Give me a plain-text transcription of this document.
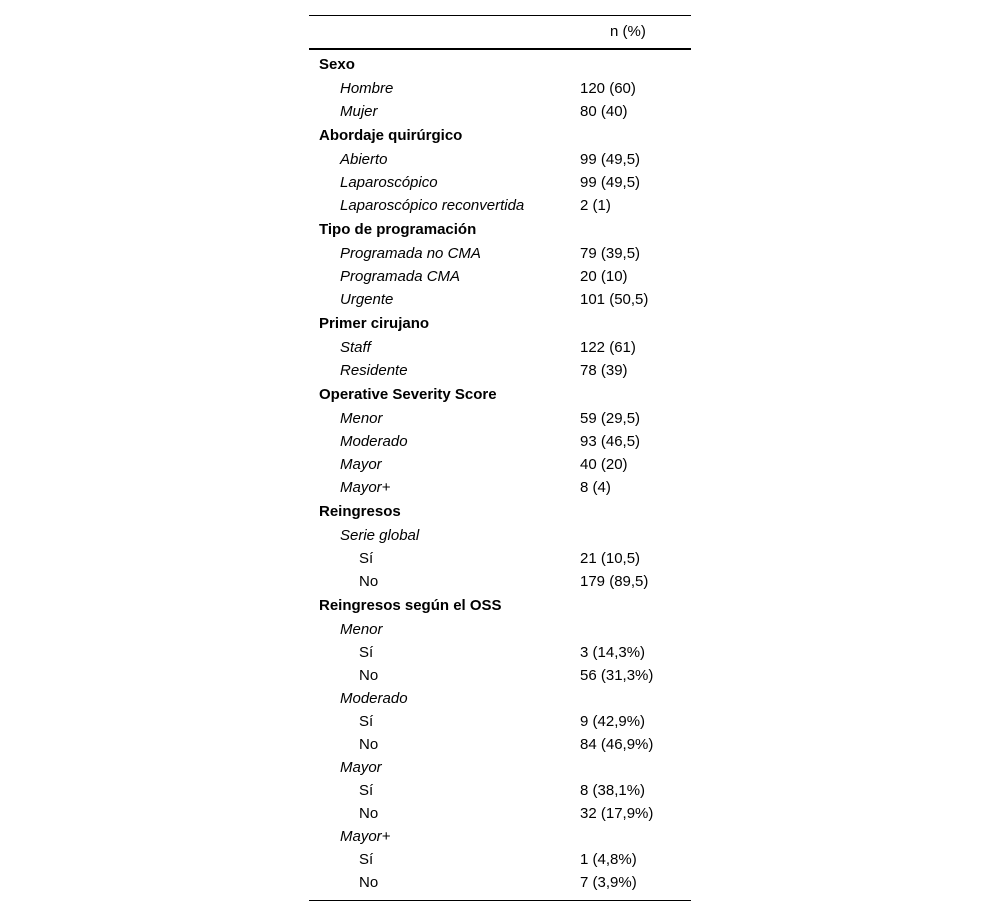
n (%)
Sexo
Hombre	120 (60)
Mujer	80 (40)
Abordaje quirúrgico
Abierto	99 (49,5)
Laparoscópico	99 (49,5)
Laparoscópico reconvertida	2 (1)
Tipo de programación
Programada no CMA	79 (39,5)
Programada CMA	20 (10)
Urgente	101 (50,5)
Primer cirujano
Staff	122 (61)
Residente	78 (39)
Operative Severity Score
Menor	59 (29,5)
Moderado	93 (46,5)
Mayor	40 (20)
Mayor+	8 (4)
Reingresos
Serie global
Sí	21 (10,5)
No	179 (89,5)
Reingresos según el OSS
Menor
Sí	3 (14,3%)
No	56 (31,3%)
Moderado
Sí	9 (42,9%)
No	84 (46,9%)
Mayor
Sí	8 (38,1%)
No	32 (17,9%)
Mayor+
Sí	1 (4,8%)
No	7 (3,9%)
